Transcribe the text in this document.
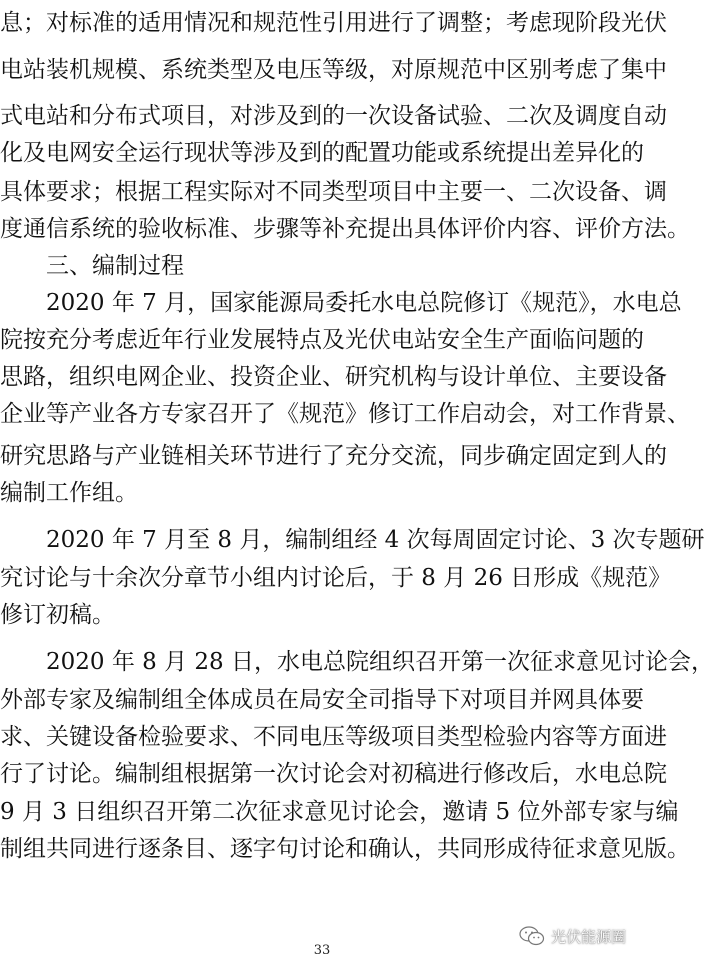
息；对标准的适用情况和规范性引用进行了调整；考虑现阶段光伏
电站装机规模、系统类型及电压等级，对原规范中区别考虑了集中
式电站和分布式项目，对涉及到的一次设备试验、二次及调度自动
化及电网安全运行现状等涉及到的配置功能或系统提出差异化的
具体要求；根据工程实际对不同类型项目中主要一、二次设备、调
度通信系统的验收标准、步骤等补充提出具体评价内容、评价方法。
三、编制过程
2020 年 7 月，国家能源局委托水电总院修订《规范》，水电总
院按充分考虑近年行业发展特点及光伏电站安全生产面临问题的
思路，组织电网企业、投资企业、研究机构与设计单位、主要设备
企业等产业各方专家召开了《规范》修订工作启动会，对工作背景、
研究思路与产业链相关环节进行了充分交流，同步确定固定到人的
编制工作组。
2020 年 7 月至 8 月，编制组经 4 次每周固定讨论、3 次专题研
究讨论与十余次分章节小组内讨论后，于 8 月 26 日形成《规范》
修订初稿。
2020 年 8 月 28 日，水电总院组织召开第一次征求意见讨论会，
外部专家及编制组全体成员在局安全司指导下对项目并网具体要
求、关键设备检验要求、不同电压等级项目类型检验内容等方面进
行了讨论。编制组根据第一次讨论会对初稿进行修改后，水电总院
9 月 3 日组织召开第二次征求意见讨论会，邀请 5 位外部专家与编
制组共同进行逐条目、逐字句讨论和确认，共同形成待征求意见版。
光伏能源圈
33
